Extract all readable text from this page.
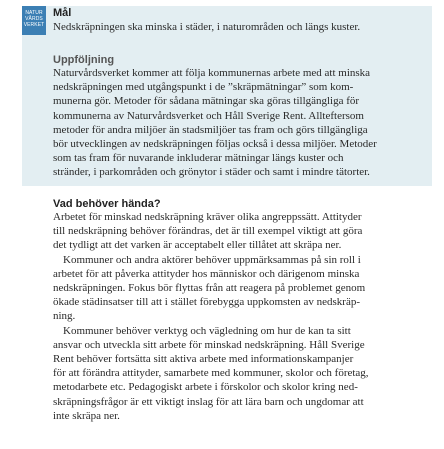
NATUR
VÅRDS
VERKET
Mål

Nedskräpningen ska minska i städer, i naturområden och längs kuster.

Uppföljning

Naturvårdsverket kommer att följa kommunernas arbete med att minska
nedskräpningen med utgångspunkt i de ”skräpmätningar” som kom-
munerna gör. Metoder för sådana mätningar ska göras tillgängliga för
kommunerna av Naturvårdsverket och Håll Sverige Rent. Allteftersom
metoder för andra miljöer än stadsmiljöer tas fram och görs tillgängliga
bör utvecklingen av nedskräpningen följas också i dessa miljöer. Metoder
som tas fram för nuvarande inkluderar mätningar längs kuster och
stränder, i parkområden och grönytor i städer och samt i mindre tätorter.

Vad behöver hända?
Arbetet för minskad nedskräpning kräver olika angreppssätt. Attityder
till nedskräpning behöver förändras, det är till exempel viktigt att göra
det tydligt att det varken är acceptabelt eller tillåtet att skräpa ner.
Kommuner och andra aktörer behöver uppmärksammas på sin roll i
arbetet för att påverka attityder hos människor och därigenom minska
nedskräpningen. Fokus bör flyttas från att reagera på problemet genom
ökade städinsatser till att i stället förebygga uppkomsten av nedskräp-
ning.
Kommuner behöver verktyg och vägledning om hur de kan ta sitt
ansvar och utveckla sitt arbete för minskad nedskräpning. Håll Sverige
Rent behöver fortsätta sitt aktiva arbete med informationskampanjer
för att förändra attityder, samarbete med kommuner, skolor och företag,
metodarbete etc. Pedagogiskt arbete i förskolor och skolor kring ned-
skräpningsfrågor är ett viktigt inslag för att lära barn och ungdomar att
inte skräpa ner.
